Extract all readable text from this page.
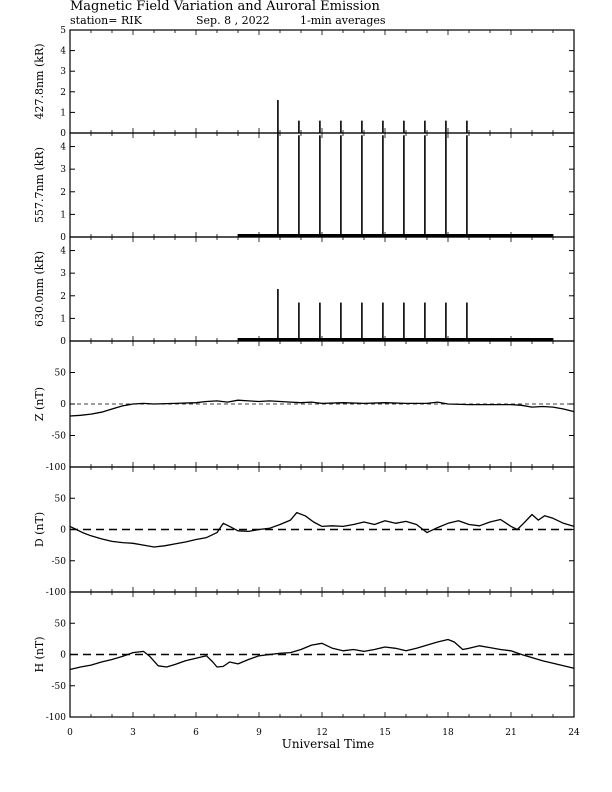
Magnetic Field Variation and Auroral Emission
station= RIK	Sep. 8 , 2022	1-min averages
0
1
2
3
4
5
427.8nm (kR)
0
1
2
3
4
557.7nm (kR)
0
1
2
3
4
630.0nm (kR)
50
0
-50
-100
Z (nT)
50
0
-50
-100
D (nT)
50
0
-50
-100
H (nT)
0	3	6	9	12	15	18	21	24
Universal Time
